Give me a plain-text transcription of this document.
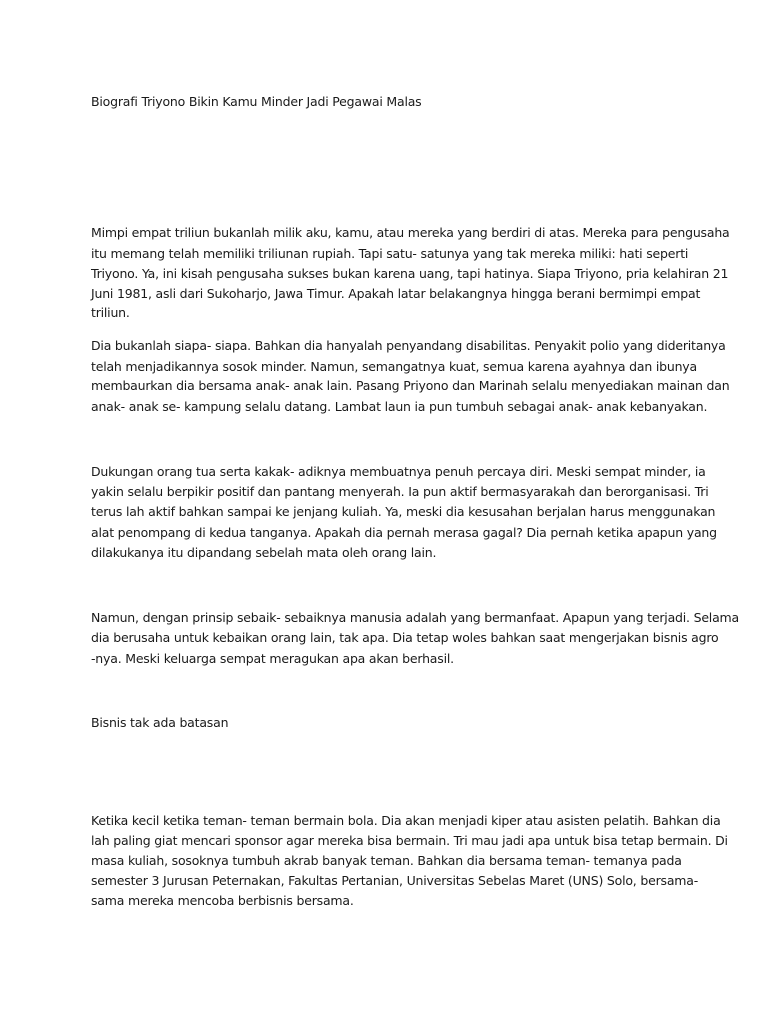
Biografi Triyono Bikin Kamu Minder Jadi Pegawai Malas

Mimpi empat triliun bukanlah milik aku, kamu, atau mereka yang berdiri di atas. Mereka para pengusaha

itu memang telah memiliki triliunan rupiah. Tapi satu- satunya yang tak mereka miliki: hati seperti

Triyono. Ya, ini kisah pengusaha sukses bukan karena uang, tapi hatinya. Siapa Triyono, pria kelahiran 21

Juni 1981, asli dari Sukoharjo, Jawa Timur. Apakah latar belakangnya hingga berani bermimpi empat

triliun.

Dia bukanlah siapa- siapa. Bahkan dia hanyalah penyandang disabilitas. Penyakit polio yang dideritanya

telah menjadikannya sosok minder. Namun, semangatnya kuat, semua karena ayahnya dan ibunya

membaurkan dia bersama anak- anak lain. Pasang Priyono dan Marinah selalu menyediakan mainan dan

anak- anak se- kampung selalu datang. Lambat laun ia pun tumbuh sebagai anak- anak kebanyakan.

Dukungan orang tua serta kakak- adiknya membuatnya penuh percaya diri. Meski sempat minder, ia

yakin selalu berpikir positif dan pantang menyerah. Ia pun aktif bermasyarakah dan berorganisasi. Tri

terus lah aktif bahkan sampai ke jenjang kuliah. Ya, meski dia kesusahan berjalan harus menggunakan

alat penompang di kedua tanganya. Apakah dia pernah merasa gagal? Dia pernah ketika apapun yang

dilakukanya itu dipandang sebelah mata oleh orang lain.

Namun, dengan prinsip sebaik- sebaiknya manusia adalah yang bermanfaat. Apapun yang terjadi. Selama

dia berusaha untuk kebaikan orang lain, tak apa. Dia tetap woles bahkan saat mengerjakan bisnis agro

-nya. Meski keluarga sempat meragukan apa akan berhasil.

Bisnis tak ada batasan

Ketika kecil ketika teman- teman bermain bola. Dia akan menjadi kiper atau asisten pelatih. Bahkan dia

lah paling giat mencari sponsor agar mereka bisa bermain. Tri mau jadi apa untuk bisa tetap bermain. Di

masa kuliah, sosoknya tumbuh akrab banyak teman. Bahkan dia bersama teman- temanya pada

semester 3 Jurusan Peternakan, Fakultas Pertanian, Universitas Sebelas Maret (UNS) Solo, bersama-

sama mereka mencoba berbisnis bersama.
